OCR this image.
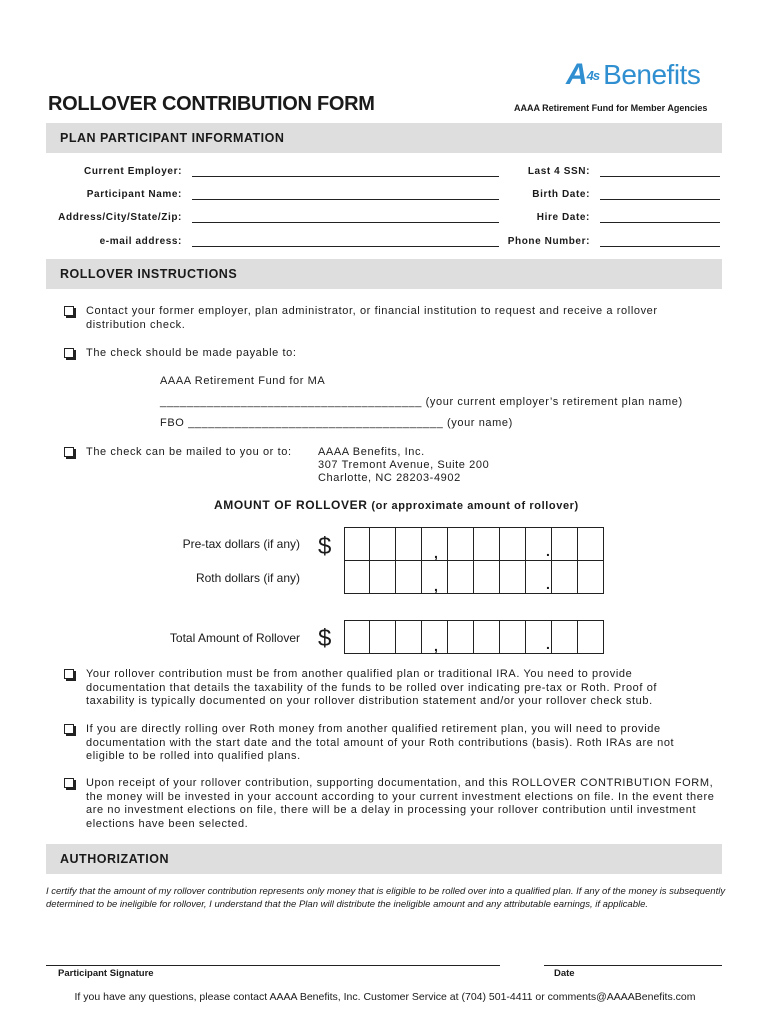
A 4s Benefits
ROLLOVER CONTRIBUTION FORM	AAAA Retirement Fund for Member Agencies
PLAN PARTICIPANT INFORMATION
Current Employer:
Participant Name:
Address/City/State/Zip:
e-mail address:
Last 4 SSN:
Birth Date:
Hire Date:
Phone Number:
ROLLOVER INSTRUCTIONS
Contact your former employer, plan administrator, or financial institution to request and receive a rollover distribution check.
The check should be made payable to:
AAAA Retirement Fund for MA
_______________________________________ (your current employer’s retirement plan name)
FBO ______________________________________ (your name)
The check can be mailed to you or to: AAAA Benefits, Inc.
307 Tremont Avenue, Suite 200
Charlotte, NC 28203-4902
AMOUNT OF ROLLOVER (or approximate amount of rollover)
Pre-tax dollars (if any) $	,	.
Roth dollars (if any)	,	.
Total Amount of Rollover $	,	.
Your rollover contribution must be from another qualified plan or traditional IRA. You need to provide documentation that details the taxability of the funds to be rolled over indicating pre-tax or Roth. Proof of taxability is typically documented on your rollover distribution statement and/or your rollover check stub.
If you are directly rolling over Roth money from another qualified retirement plan, you will need to provide documentation with the start date and the total amount of your Roth contributions (basis). Roth IRAs are not eligible to be rolled into qualified plans.
Upon receipt of your rollover contribution, supporting documentation, and this ROLLOVER CONTRIBUTION FORM, the money will be invested in your account according to your current investment elections on file. In the event there are no investment elections on file, there will be a delay in processing your rollover contribution until investment elections have been selected.
AUTHORIZATION
I certify that the amount of my rollover contribution represents only money that is eligible to be rolled over into a qualified plan. If any of the money is subsequently determined to be ineligible for rollover, I understand that the Plan will distribute the ineligible amount and any attributable earnings, if applicable.
Participant Signature	Date
If you have any questions, please contact AAAA Benefits, Inc. Customer Service at (704) 501-4411 or comments@AAAABenefits.com
